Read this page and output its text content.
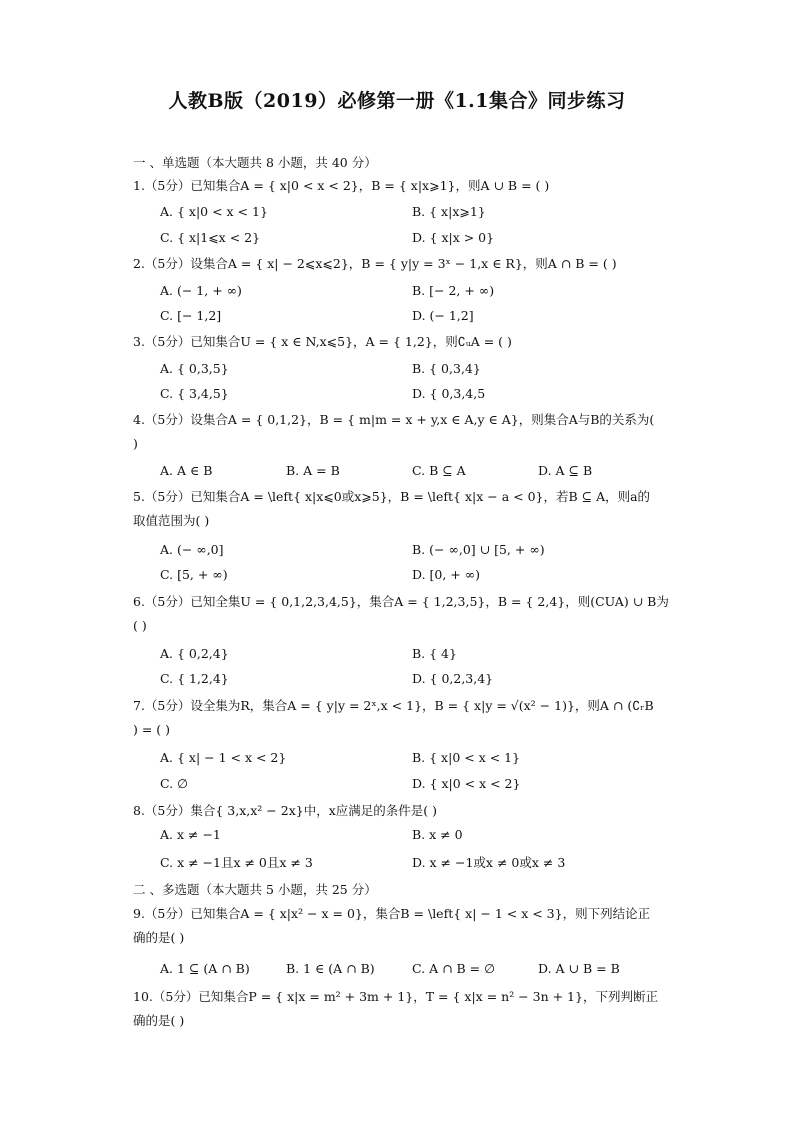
人教B版（2019）必修第一册《1.1集合》同步练习
一 、单选题（本大题共 8 小题，共 40 分）
1.（5分）已知集合A = { x|0 < x < 2}，B = { x|x⩾1}，则A ∪ B = ( )
A. { x|0 < x < 1}	B. { x|x⩾1}
C. { x|1⩽x < 2}	D. { x|x > 0}
2.（5分）设集合A = { x| − 2⩽x⩽2}，B = { y|y = 3ˣ − 1,x ∈ R}，则A ∩ B = ( )
A. (− 1, + ∞)	B. [− 2, + ∞)
C. [− 1,2]	D. (− 1,2]
3.（5分）已知集合U = { x ∈ N,x⩽5}，A = { 1,2}，则∁ᵤA = ( )
A. { 0,3,5}	B. { 0,3,4}
C. { 3,4,5}	D. { 0,3,4,5
4.（5分）设集合A = { 0,1,2}，B = { m|m = x + y,x ∈ A,y ∈ A}，则集合A与B的关系为(
)
A. A ∈ B	B. A = B	C. B ⊆ A	D. A ⊆ B
5.（5分）已知集合A = \left{ x|x⩽0或x⩾5}，B = \left{ x|x − a < 0}，若B ⊆ A，则a的
取值范围为( )
A. (− ∞,0]	B. (− ∞,0] ∪ [5, + ∞)
C. [5, + ∞)	D. [0, + ∞)
6.（5分）已知全集U = { 0,1,2,3,4,5}，集合A = { 1,2,3,5}，B = { 2,4}，则(CUA) ∪ B为
( )
A. { 0,2,4}	B. { 4}
C. { 1,2,4}	D. { 0,2,3,4}
7.（5分）设全集为R，集合A = { y|y = 2ˣ,x < 1}，B = { x|y = √(x² − 1)}，则A ∩ (∁ᵣB
) = ( )
A. { x| − 1 < x < 2}	B. { x|0 < x < 1}
C. ∅	D. { x|0 < x < 2}
8.（5分）集合{ 3,x,x² − 2x}中，x应满足的条件是( )
A. x ≠ −1	B. x ≠ 0
C. x ≠ −1且x ≠ 0且x ≠ 3	D. x ≠ −1或x ≠ 0或x ≠ 3
二 、多选题（本大题共 5 小题，共 25 分）
9.（5分）已知集合A = { x|x² − x = 0}，集合B = \left{ x| − 1 < x < 3}，则下列结论正
确的是( )
A. 1 ⊆ (A ∩ B)	B. 1 ∈ (A ∩ B)	C. A ∩ B = ∅	D. A ∪ B = B
10.（5分）已知集合P = { x|x = m² + 3m + 1}，T = { x|x = n² − 3n + 1}，下列判断正
确的是( )
